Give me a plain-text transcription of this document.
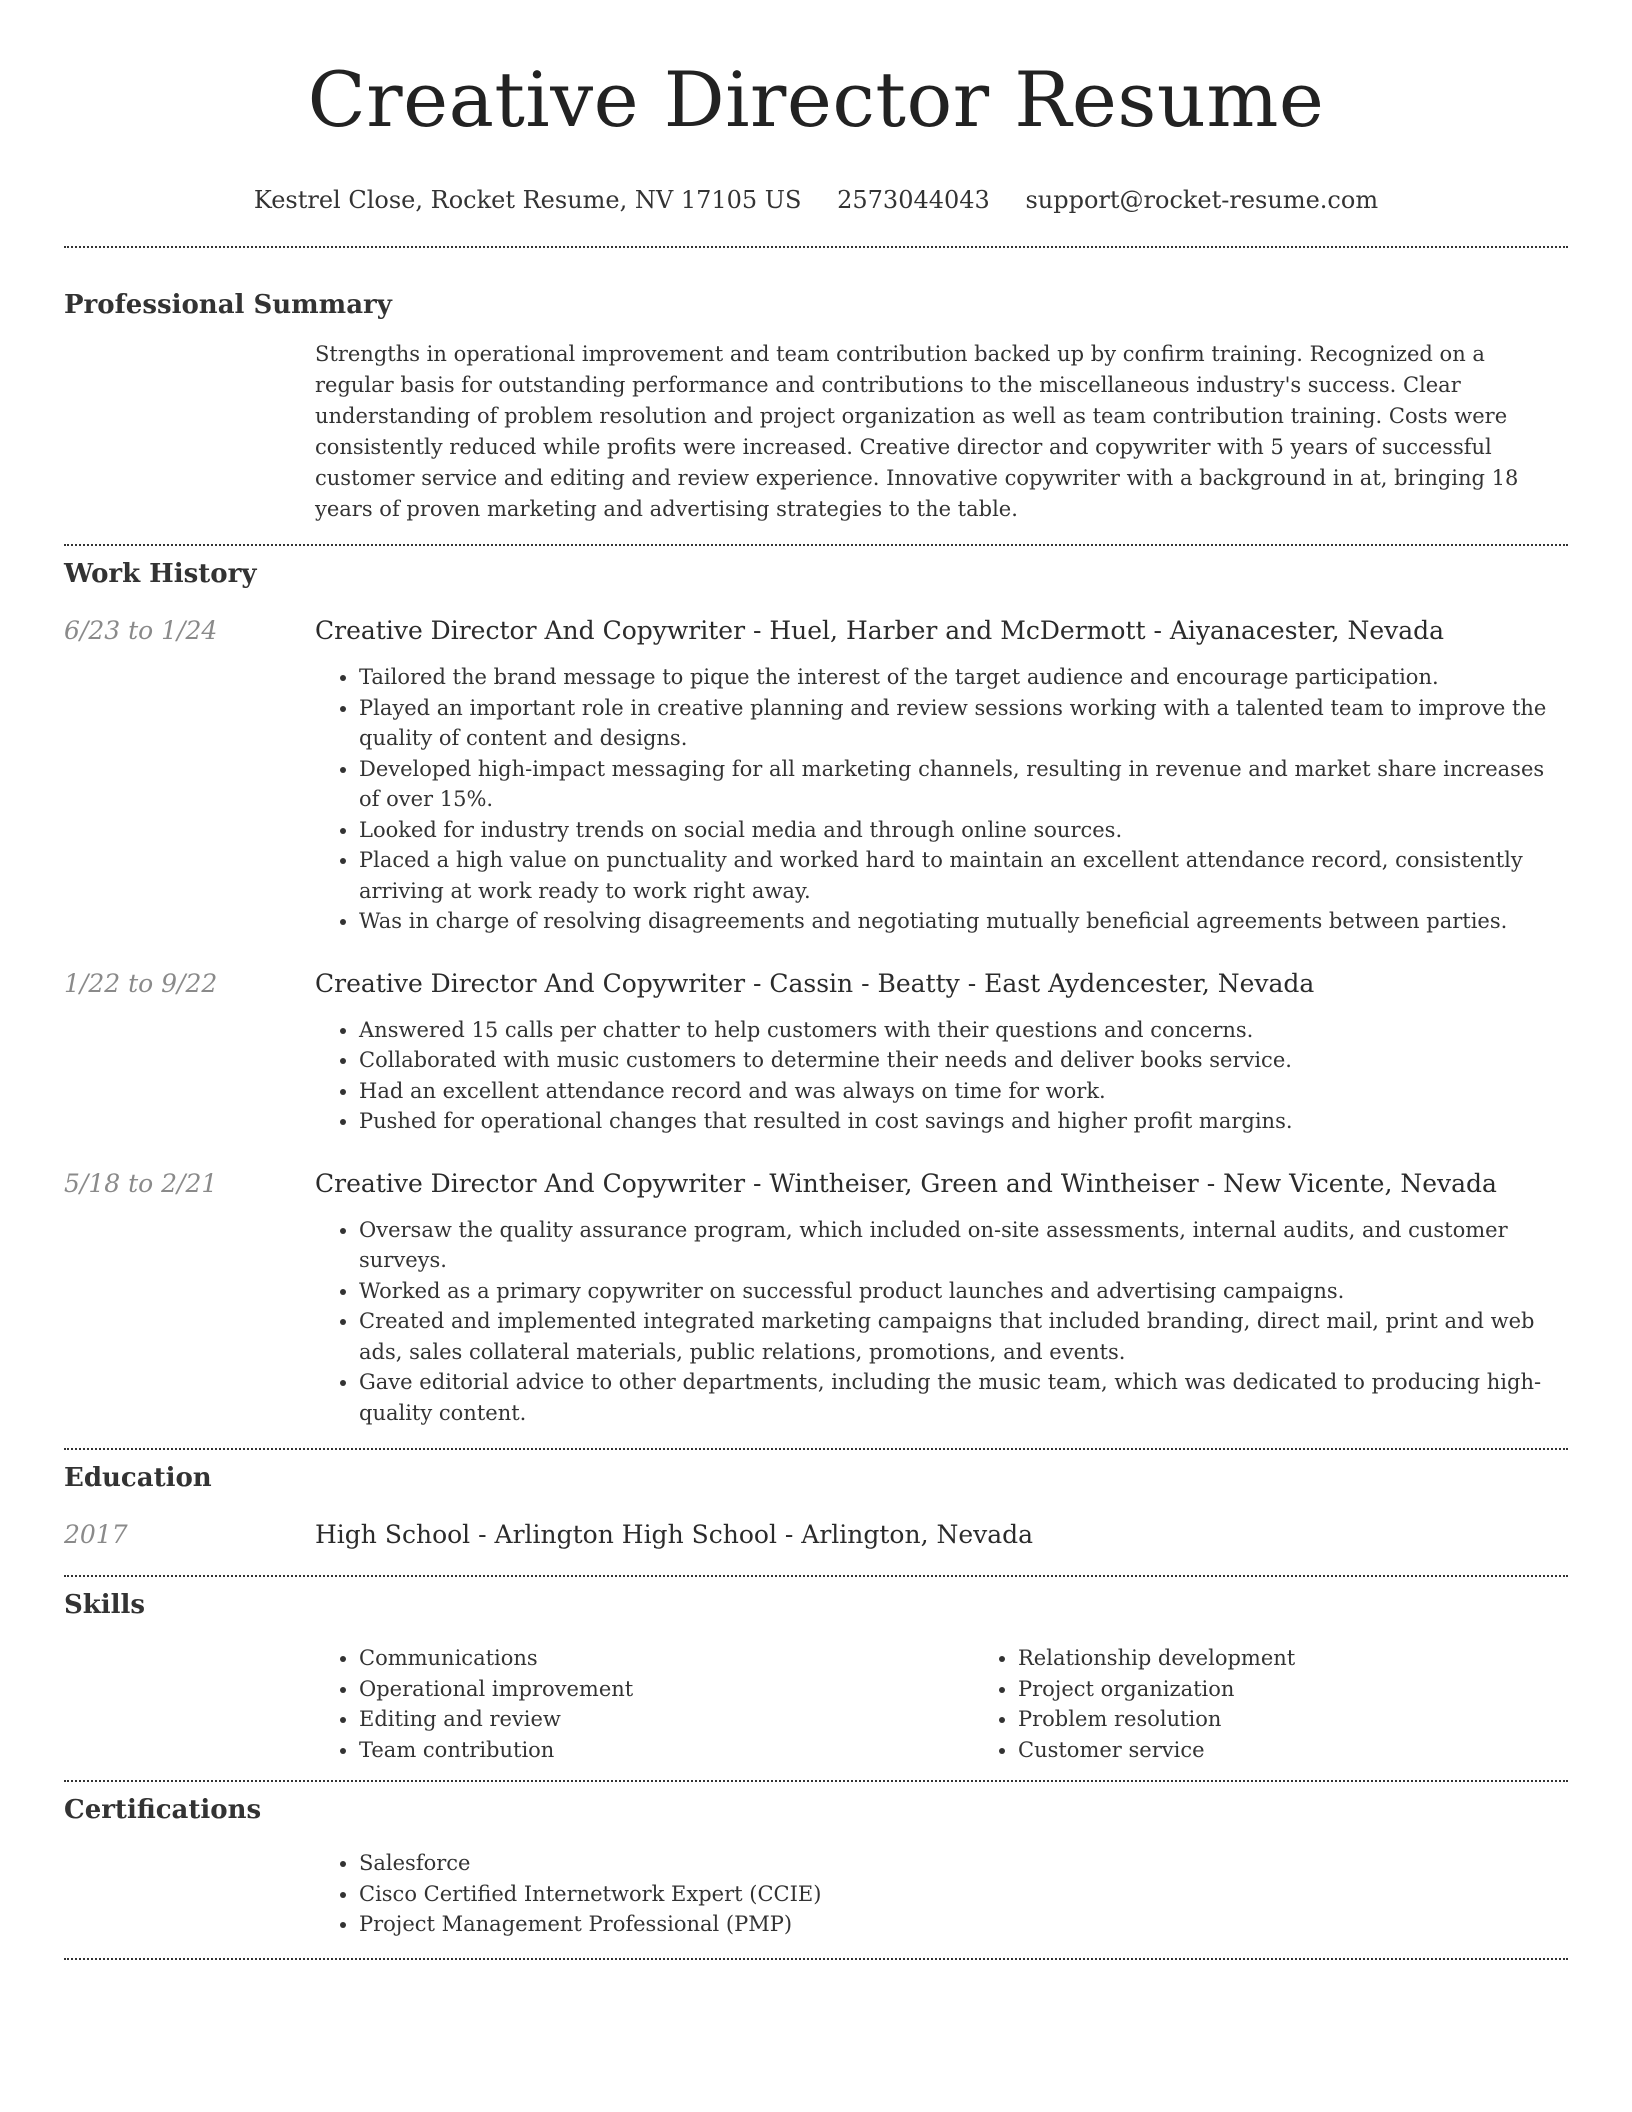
Creative Director Resume
Kestrel Close, Rocket Resume, NV 17105 US 2573044043 support@rocket-resume.com
Professional Summary
Strengths in operational improvement and team contribution backed up by confirm training. Recognized on a regular basis for outstanding performance and contributions to the miscellaneous industry's success. Clear understanding of problem resolution and project organization as well as team contribution training. Costs were consistently reduced while profits were increased. Creative director and copywriter with 5 years of successful customer service and editing and review experience. Innovative copywriter with a background in at, bringing 18 years of proven marketing and advertising strategies to the table.
Work History
6/23 to 1/24	Creative Director And Copywriter - Huel, Harber and McDermott - Aiyanacester, Nevada
• Tailored the brand message to pique the interest of the target audience and encourage participation.
• Played an important role in creative planning and review sessions working with a talented team to improve the quality of content and designs.
• Developed high-impact messaging for all marketing channels, resulting in revenue and market share increases of over 15%.
• Looked for industry trends on social media and through online sources.
• Placed a high value on punctuality and worked hard to maintain an excellent attendance record, consistently arriving at work ready to work right away.
• Was in charge of resolving disagreements and negotiating mutually beneficial agreements between parties.
1/22 to 9/22	Creative Director And Copywriter - Cassin - Beatty - East Aydencester, Nevada
• Answered 15 calls per chatter to help customers with their questions and concerns.
• Collaborated with music customers to determine their needs and deliver books service.
• Had an excellent attendance record and was always on time for work.
• Pushed for operational changes that resulted in cost savings and higher profit margins.
5/18 to 2/21	Creative Director And Copywriter - Wintheiser, Green and Wintheiser - New Vicente, Nevada
• Oversaw the quality assurance program, which included on-site assessments, internal audits, and customer surveys.
• Worked as a primary copywriter on successful product launches and advertising campaigns.
• Created and implemented integrated marketing campaigns that included branding, direct mail, print and web ads, sales collateral materials, public relations, promotions, and events.
• Gave editorial advice to other departments, including the music team, which was dedicated to producing high-quality content.
Education
2017	High School - Arlington High School - Arlington, Nevada
Skills
• Communications
• Operational improvement
• Editing and review
• Team contribution
• Relationship development
• Project organization
• Problem resolution
• Customer service
Certifications
• Salesforce
• Cisco Certified Internetwork Expert (CCIE)
• Project Management Professional (PMP)
